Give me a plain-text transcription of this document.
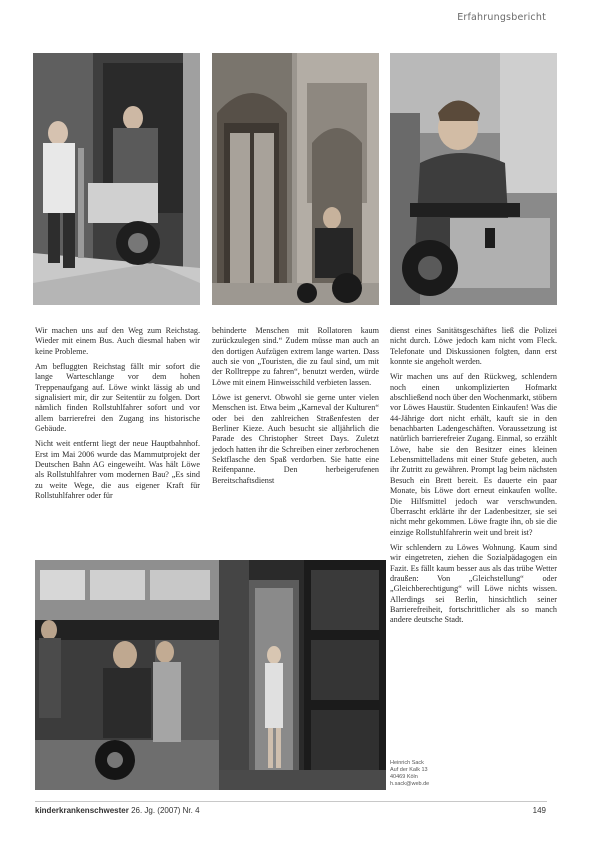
Erfahrungsbericht

Wir machen uns auf den Weg zum Reichstag. Wieder mit einem Bus. Auch diesmal haben wir keine Probleme.

Am befluggten Reichstag fällt mir sofort die lange Warteschlange vor dem hohen Treppenaufgang auf. Löwe winkt lässig ab und signalisiert mir, dir zur Seitentür zu folgen. Dort nämlich finden Rollstuhlfahrer sofort und vor allem barrierefrei den Zugang ins historische Gebäude.

Nicht weit entfernt liegt der neue Hauptbahnhof. Erst im Mai 2006 wurde das Mammutprojekt der Deutschen Bahn AG eingeweiht. Was hält Löwe als Rollstuhlfahrer vom modernen Bau? „Es sind zu weite Wege, die aus eigener Kraft für Rollstuhlfahrer oder für

behinderte Menschen mit Rollatoren kaum zurückzulegen sind.“ Zudem müsse man auch an den dortigen Aufzügen extrem lange warten. Dass auch sie von „Touristen, die zu faul sind, um mit der Rolltreppe zu fahren“, benutzt werden, würde Löwe mit einem Hinweisschild verbieten lassen.

Löwe ist genervt. Obwohl sie gerne unter vielen Menschen ist. Etwa beim „Karneval der Kulturen“ oder bei den zahlreichen Straßenfesten der Berliner Kieze. Auch besucht sie alljährlich die Parade des Christopher Street Days. Zuletzt jedoch hatten ihr die Schreiben einer zerbrochenen Sektflasche den Spaß verdorben. Sie hatte eine Reifenpanne. Den herbeigerufenen Bereitschaftsdienst

dienst eines Sanitätsgeschäftes ließ die Polizei nicht durch. Löwe jedoch kam nicht vom Fleck. Telefonate und Diskussionen folgten, dann erst konnte sie angeholt werden.

Wir machen uns auf den Rückweg, schlendern noch einen unkomplizierten Hofmarkt abschließend noch über den Wochenmarkt, stöbern vor Löwes Haustür. Studenten Einkaufen! Was die 44-Jährige dort nicht erhält, kauft sie in den benachbarten Ladengeschäften. Voraussetzung ist natürlich barrierefreier Zugang. Einmal, so erzählt Löwe, habe sie den Besitzer eines kleinen Lebensmittelladens mit einer Stufe gebeten, auch ihr Zutritt zu gewähren. Prompt lag beim nächsten Besuch ein Brett bereit. Es dauerte ein paar Monate, bis Löwe dort erneut einkaufen wollte. Die Hilfsmittel jedoch war verschwunden. Überrascht erklärte ihr der Ladenbesitzer, sie sei nicht mehr gekommen. Löwe fragte ihn, ob sie die einzige Rollstuhlfahrerin weit und breit ist?

Wir schlendern zu Löwes Wohnung. Kaum sind wir eingetreten, ziehen die Sozialpädagogen ein Fazit. Es fällt kaum besser aus als das trübe Wetter draußen: Von „Gleichstellung“ oder „Gleichberechtigung“ will Löwe nichts wissen. Allerdings sei Berlin, hinsichtlich seiner Barrierefreiheit, fortschrittlicher als so manch andere deutsche Stadt.

Heinrich Sack
Auf der Kalk 13
40469 Köln
h.sack@web.de
kinderkrankenschwester 26. Jg. (2007) Nr. 4	149
